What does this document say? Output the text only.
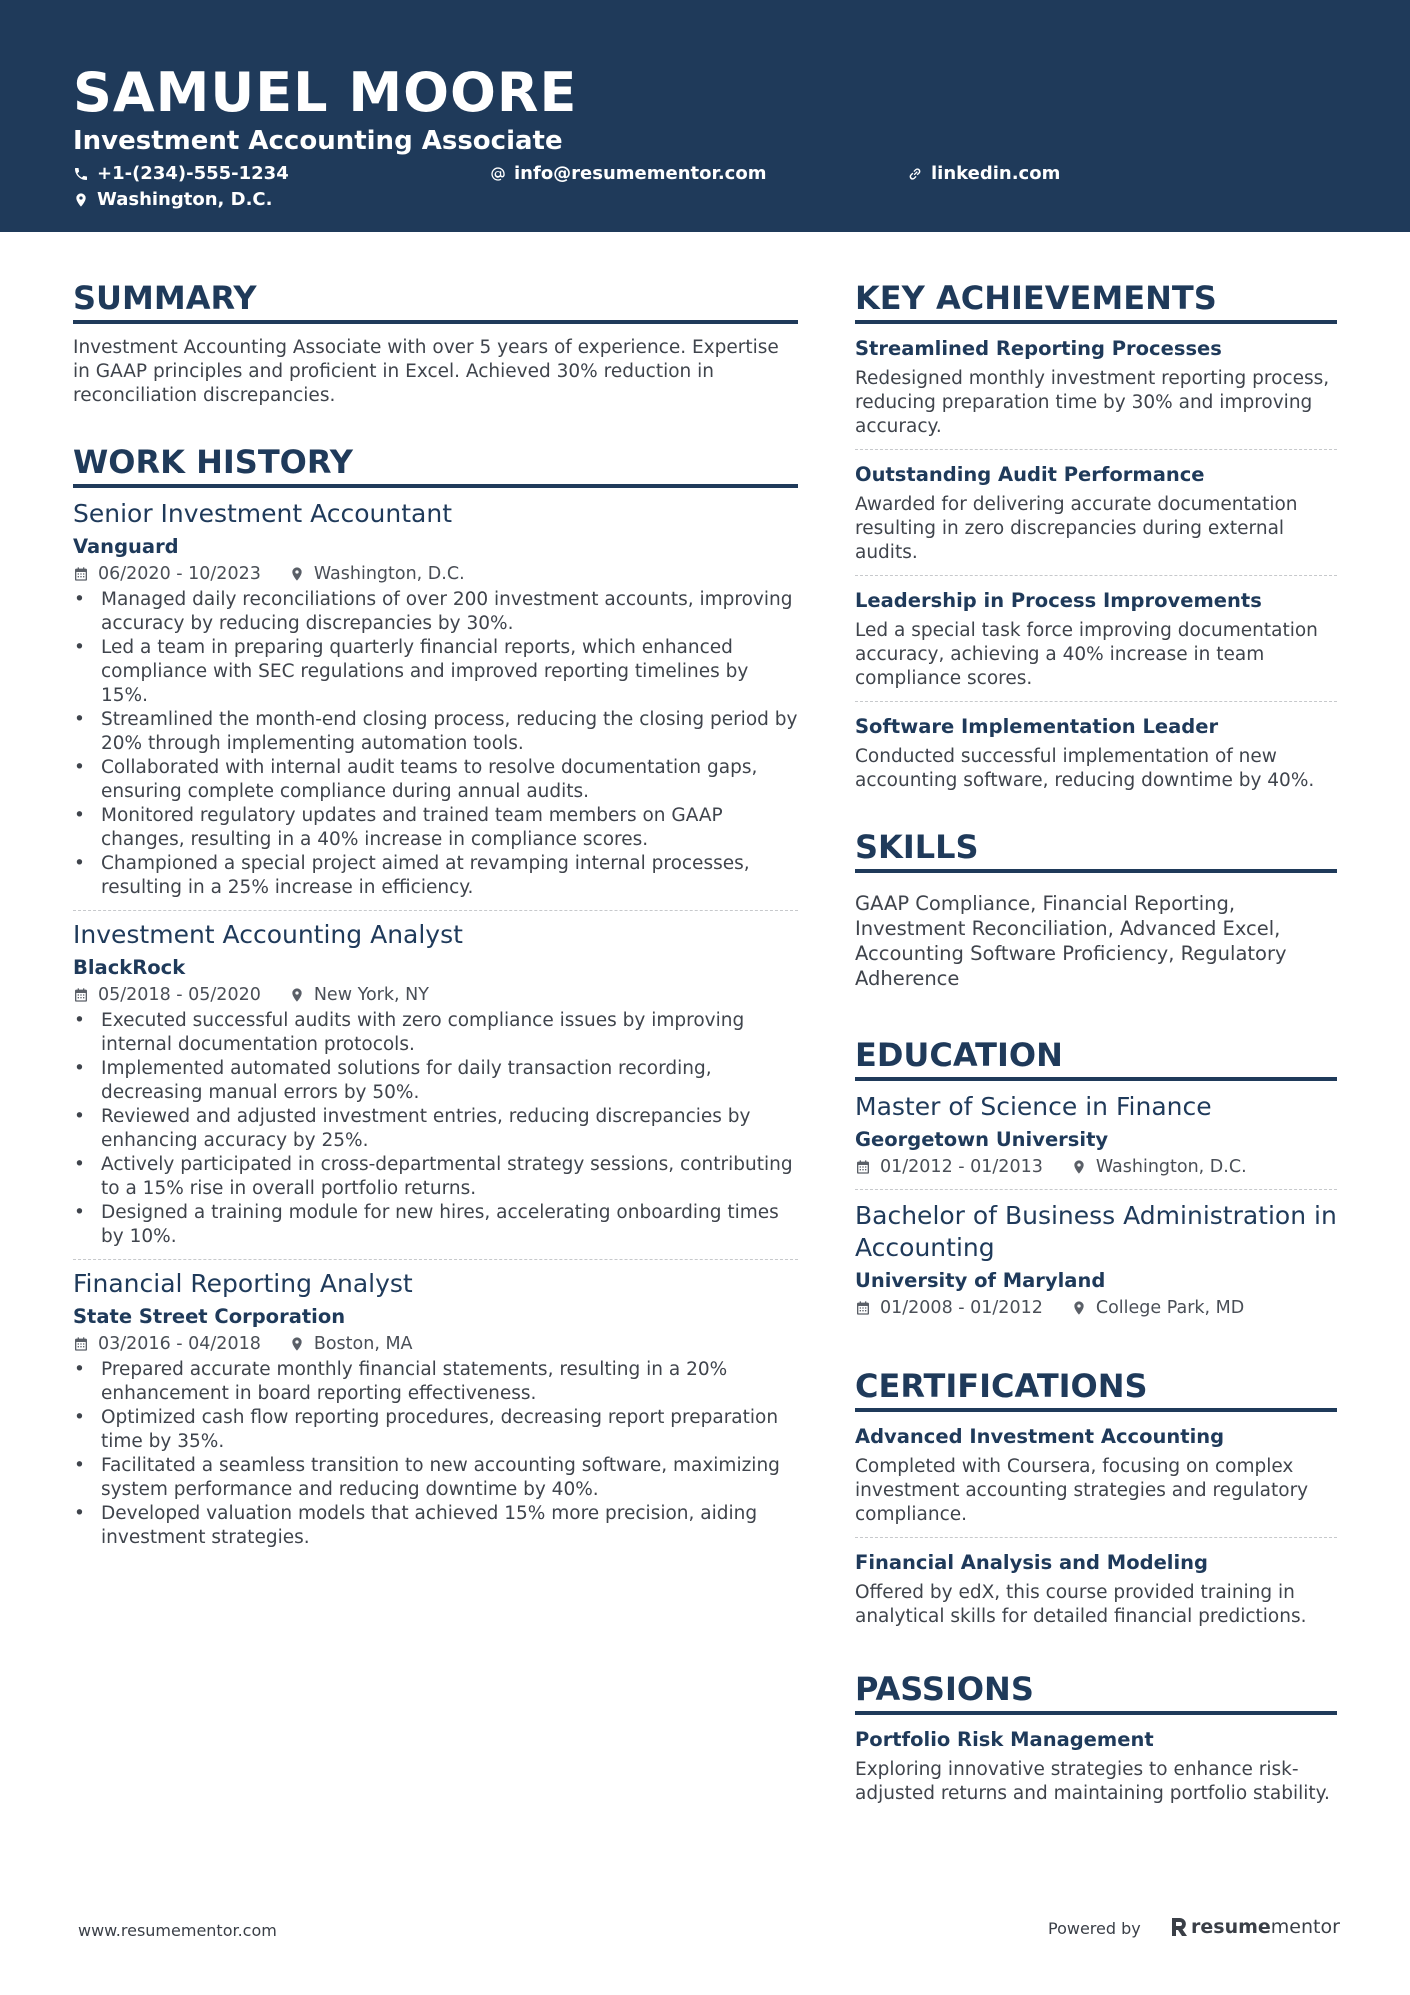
SAMUEL MOORE
Investment Accounting Associate
+1-(234)-555-1234	info@resumementor.com	linkedin.com
Washington, D.C.
SUMMARY
Investment Accounting Associate with over 5 years of experience. Expertise in GAAP principles and proficient in Excel. Achieved 30% reduction in reconciliation discrepancies.
WORK HISTORY
Senior Investment Accountant
Vanguard
06/2020 - 10/2023	Washington, D.C.
• Managed daily reconciliations of over 200 investment accounts, improving accuracy by reducing discrepancies by 30%.
• Led a team in preparing quarterly financial reports, which enhanced compliance with SEC regulations and improved reporting timelines by 15%.
• Streamlined the month-end closing process, reducing the closing period by 20% through implementing automation tools.
• Collaborated with internal audit teams to resolve documentation gaps, ensuring complete compliance during annual audits.
• Monitored regulatory updates and trained team members on GAAP changes, resulting in a 40% increase in compliance scores.
• Championed a special project aimed at revamping internal processes, resulting in a 25% increase in efficiency.
Investment Accounting Analyst
BlackRock
05/2018 - 05/2020	New York, NY
• Executed successful audits with zero compliance issues by improving internal documentation protocols.
• Implemented automated solutions for daily transaction recording, decreasing manual errors by 50%.
• Reviewed and adjusted investment entries, reducing discrepancies by enhancing accuracy by 25%.
• Actively participated in cross-departmental strategy sessions, contributing to a 15% rise in overall portfolio returns.
• Designed a training module for new hires, accelerating onboarding times by 10%.
Financial Reporting Analyst
State Street Corporation
03/2016 - 04/2018	Boston, MA
• Prepared accurate monthly financial statements, resulting in a 20% enhancement in board reporting effectiveness.
• Optimized cash flow reporting procedures, decreasing report preparation time by 35%.
• Facilitated a seamless transition to new accounting software, maximizing system performance and reducing downtime by 40%.
• Developed valuation models that achieved 15% more precision, aiding investment strategies.
KEY ACHIEVEMENTS
Streamlined Reporting Processes
Redesigned monthly investment reporting process, reducing preparation time by 30% and improving accuracy.
Outstanding Audit Performance
Awarded for delivering accurate documentation resulting in zero discrepancies during external audits.
Leadership in Process Improvements
Led a special task force improving documentation accuracy, achieving a 40% increase in team compliance scores.
Software Implementation Leader
Conducted successful implementation of new accounting software, reducing downtime by 40%.
SKILLS
GAAP Compliance, Financial Reporting, Investment Reconciliation, Advanced Excel, Accounting Software Proficiency, Regulatory Adherence
EDUCATION
Master of Science in Finance
Georgetown University
01/2012 - 01/2013	Washington, D.C.
Bachelor of Business Administration in Accounting
University of Maryland
01/2008 - 01/2012	College Park, MD
CERTIFICATIONS
Advanced Investment Accounting
Completed with Coursera, focusing on complex investment accounting strategies and regulatory compliance.
Financial Analysis and Modeling
Offered by edX, this course provided training in analytical skills for detailed financial predictions.
PASSIONS
Portfolio Risk Management
Exploring innovative strategies to enhance risk-adjusted returns and maintaining portfolio stability.
www.resumementor.com	Powered by	resume mentor
